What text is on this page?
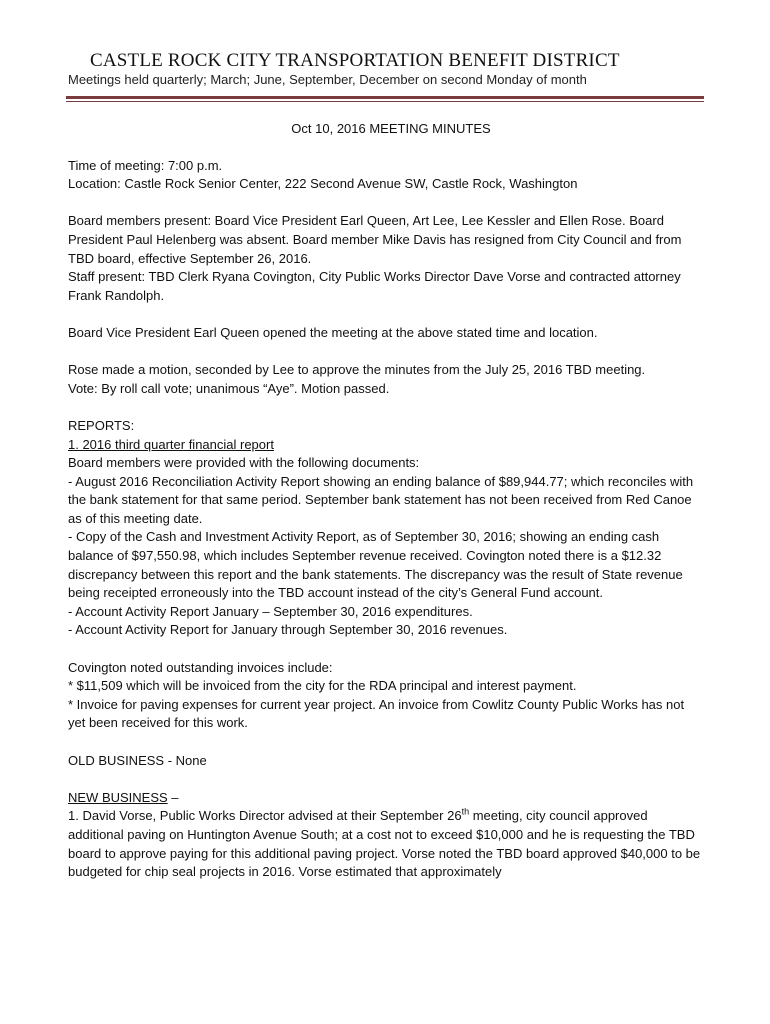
CASTLE ROCK CITY TRANSPORTATION BENEFIT DISTRICT
Meetings held quarterly; March; June, September, December on second Monday of month

Oct 10, 2016 MEETING MINUTES

Time of meeting: 7:00 p.m.

Location: Castle Rock Senior Center, 222 Second Avenue SW, Castle Rock, Washington

Board members present: Board Vice President Earl Queen, Art Lee, Lee Kessler and Ellen Rose. Board President Paul Helenberg was absent. Board member Mike Davis has resigned from City Council and from TBD board, effective September 26, 2016.

Staff present: TBD Clerk Ryana Covington, City Public Works Director Dave Vorse and contracted attorney Frank Randolph.

Board Vice President Earl Queen opened the meeting at the above stated time and location.

Rose made a motion, seconded by Lee to approve the minutes from the July 25, 2016 TBD meeting.

Vote: By roll call vote; unanimous “Aye”. Motion passed.

REPORTS:

1. 2016 third quarter financial report

Board members were provided with the following documents:

- August 2016 Reconciliation Activity Report showing an ending balance of $89,944.77; which reconciles with the bank statement for that same period. September bank statement has not been received from Red Canoe as of this meeting date.

- Copy of the Cash and Investment Activity Report, as of September 30, 2016; showing an ending cash balance of $97,550.98, which includes September revenue received. Covington noted there is a $12.32 discrepancy between this report and the bank statements. The discrepancy was the result of State revenue being receipted erroneously into the TBD account instead of the city’s General Fund account.

- Account Activity Report January – September 30, 2016 expenditures.

- Account Activity Report for January through September 30, 2016 revenues.

Covington noted outstanding invoices include:

* $11,509 which will be invoiced from the city for the RDA principal and interest payment.

* Invoice for paving expenses for current year project. An invoice from Cowlitz County Public Works has not yet been received for this work.

OLD BUSINESS - None

NEW BUSINESS –

1. David Vorse, Public Works Director advised at their September 26th meeting, city council approved additional paving on Huntington Avenue South; at a cost not to exceed $10,000 and he is requesting the TBD board to approve paying for this additional paving project. Vorse noted the TBD board approved $40,000 to be budgeted for chip seal projects in 2016. Vorse estimated that approximately
